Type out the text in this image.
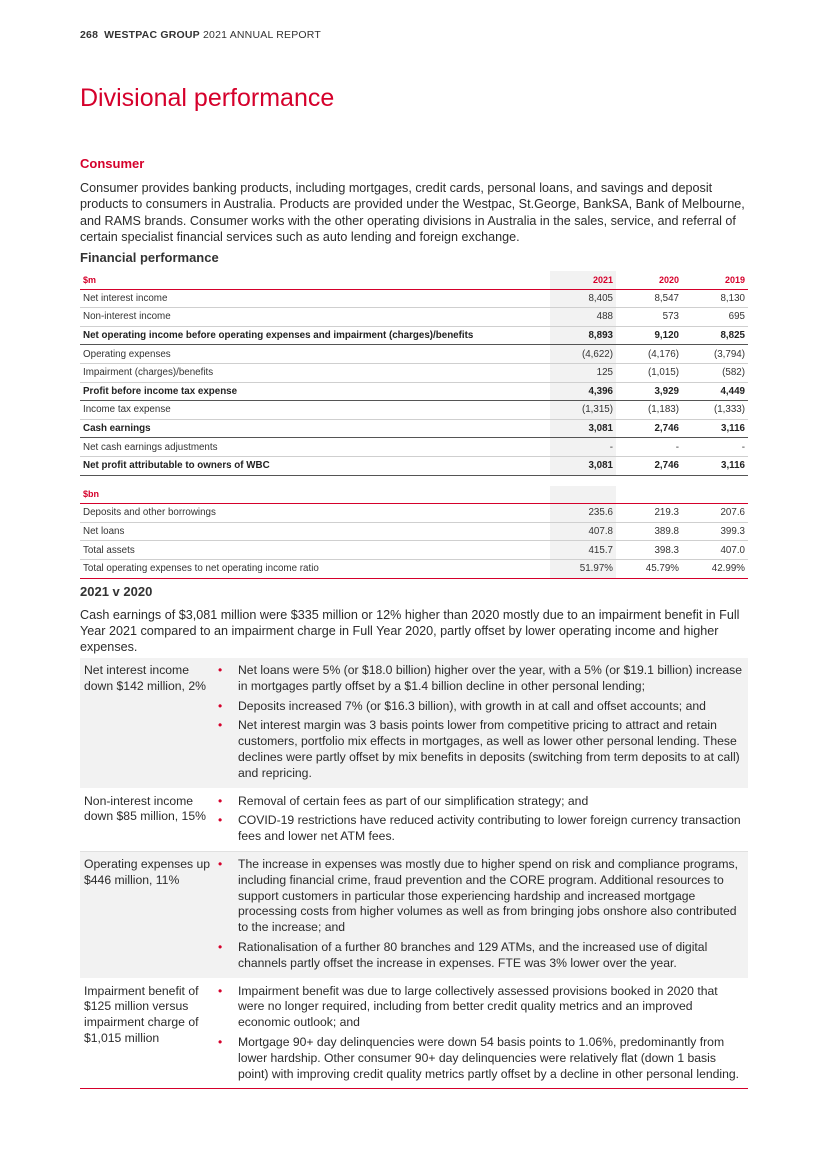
268 WESTPAC GROUP 2021 ANNUAL REPORT
Divisional performance
Consumer

Consumer provides banking products, including mortgages, credit cards, personal loans, and savings and deposit products to consumers in Australia. Products are provided under the Westpac, St.George, BankSA, Bank of Melbourne, and RAMS brands. Consumer works with the other operating divisions in Australia in the sales, service, and referral of certain specialist financial services such as auto lending and foreign exchange.

Financial performance
$m	2021	2020	2019
Net interest income	8,405	8,547	8,130
Non-interest income	488	573	695
Net operating income before operating expenses and impairment (charges)/benefits	8,893	9,120	8,825
Operating expenses	(4,622)	(4,176)	(3,794)
Impairment (charges)/benefits	125	(1,015)	(582)
Profit before income tax expense	4,396	3,929	4,449
Income tax expense	(1,315)	(1,183)	(1,333)
Cash earnings	3,081	2,746	3,116
Net cash earnings adjustments	-	-	-
Net profit attributable to owners of WBC	3,081	2,746	3,116

$bn			
Deposits and other borrowings	235.6	219.3	207.6
Net loans	407.8	389.8	399.3
Total assets	415.7	398.3	407.0
Total operating expenses to net operating income ratio	51.97%	45.79%	42.99%
2021 v 2020

Cash earnings of $3,081 million were $335 million or 12% higher than 2020 mostly due to an impairment benefit in Full Year 2021 compared to an impairment charge in Full Year 2020, partly offset by lower operating income and higher expenses.

Net interest income down $142 million, 2%
• Net loans were 5% (or $18.0 billion) higher over the year, with a 5% (or $19.1 billion) increase in mortgages partly offset by a $1.4 billion decline in other personal lending;
• Deposits increased 7% (or $16.3 billion), with growth in at call and offset accounts; and
• Net interest margin was 3 basis points lower from competitive pricing to attract and retain customers, portfolio mix effects in mortgages, as well as lower other personal lending. These declines were partly offset by mix benefits in deposits (switching from term deposits to at call) and repricing.
Non-interest income down $85 million, 15%
• Removal of certain fees as part of our simplification strategy; and
• COVID-19 restrictions have reduced activity contributing to lower foreign currency transaction fees and lower net ATM fees.
Operating expenses up $446 million, 11%
• The increase in expenses was mostly due to higher spend on risk and compliance programs, including financial crime, fraud prevention and the CORE program. Additional resources to support customers in particular those experiencing hardship and increased mortgage processing costs from higher volumes as well as from bringing jobs onshore also contributed to the increase; and
• Rationalisation of a further 80 branches and 129 ATMs, and the increased use of digital channels partly offset the increase in expenses. FTE was 3% lower over the year.
Impairment benefit of $125 million versus impairment charge of $1,015 million
• Impairment benefit was due to large collectively assessed provisions booked in 2020 that were no longer required, including from better credit quality metrics and an improved economic outlook; and
• Mortgage 90+ day delinquencies were down 54 basis points to 1.06%, predominantly from lower hardship. Other consumer 90+ day delinquencies were relatively flat (down 1 basis point) with improving credit quality metrics partly offset by a decline in other personal lending.
